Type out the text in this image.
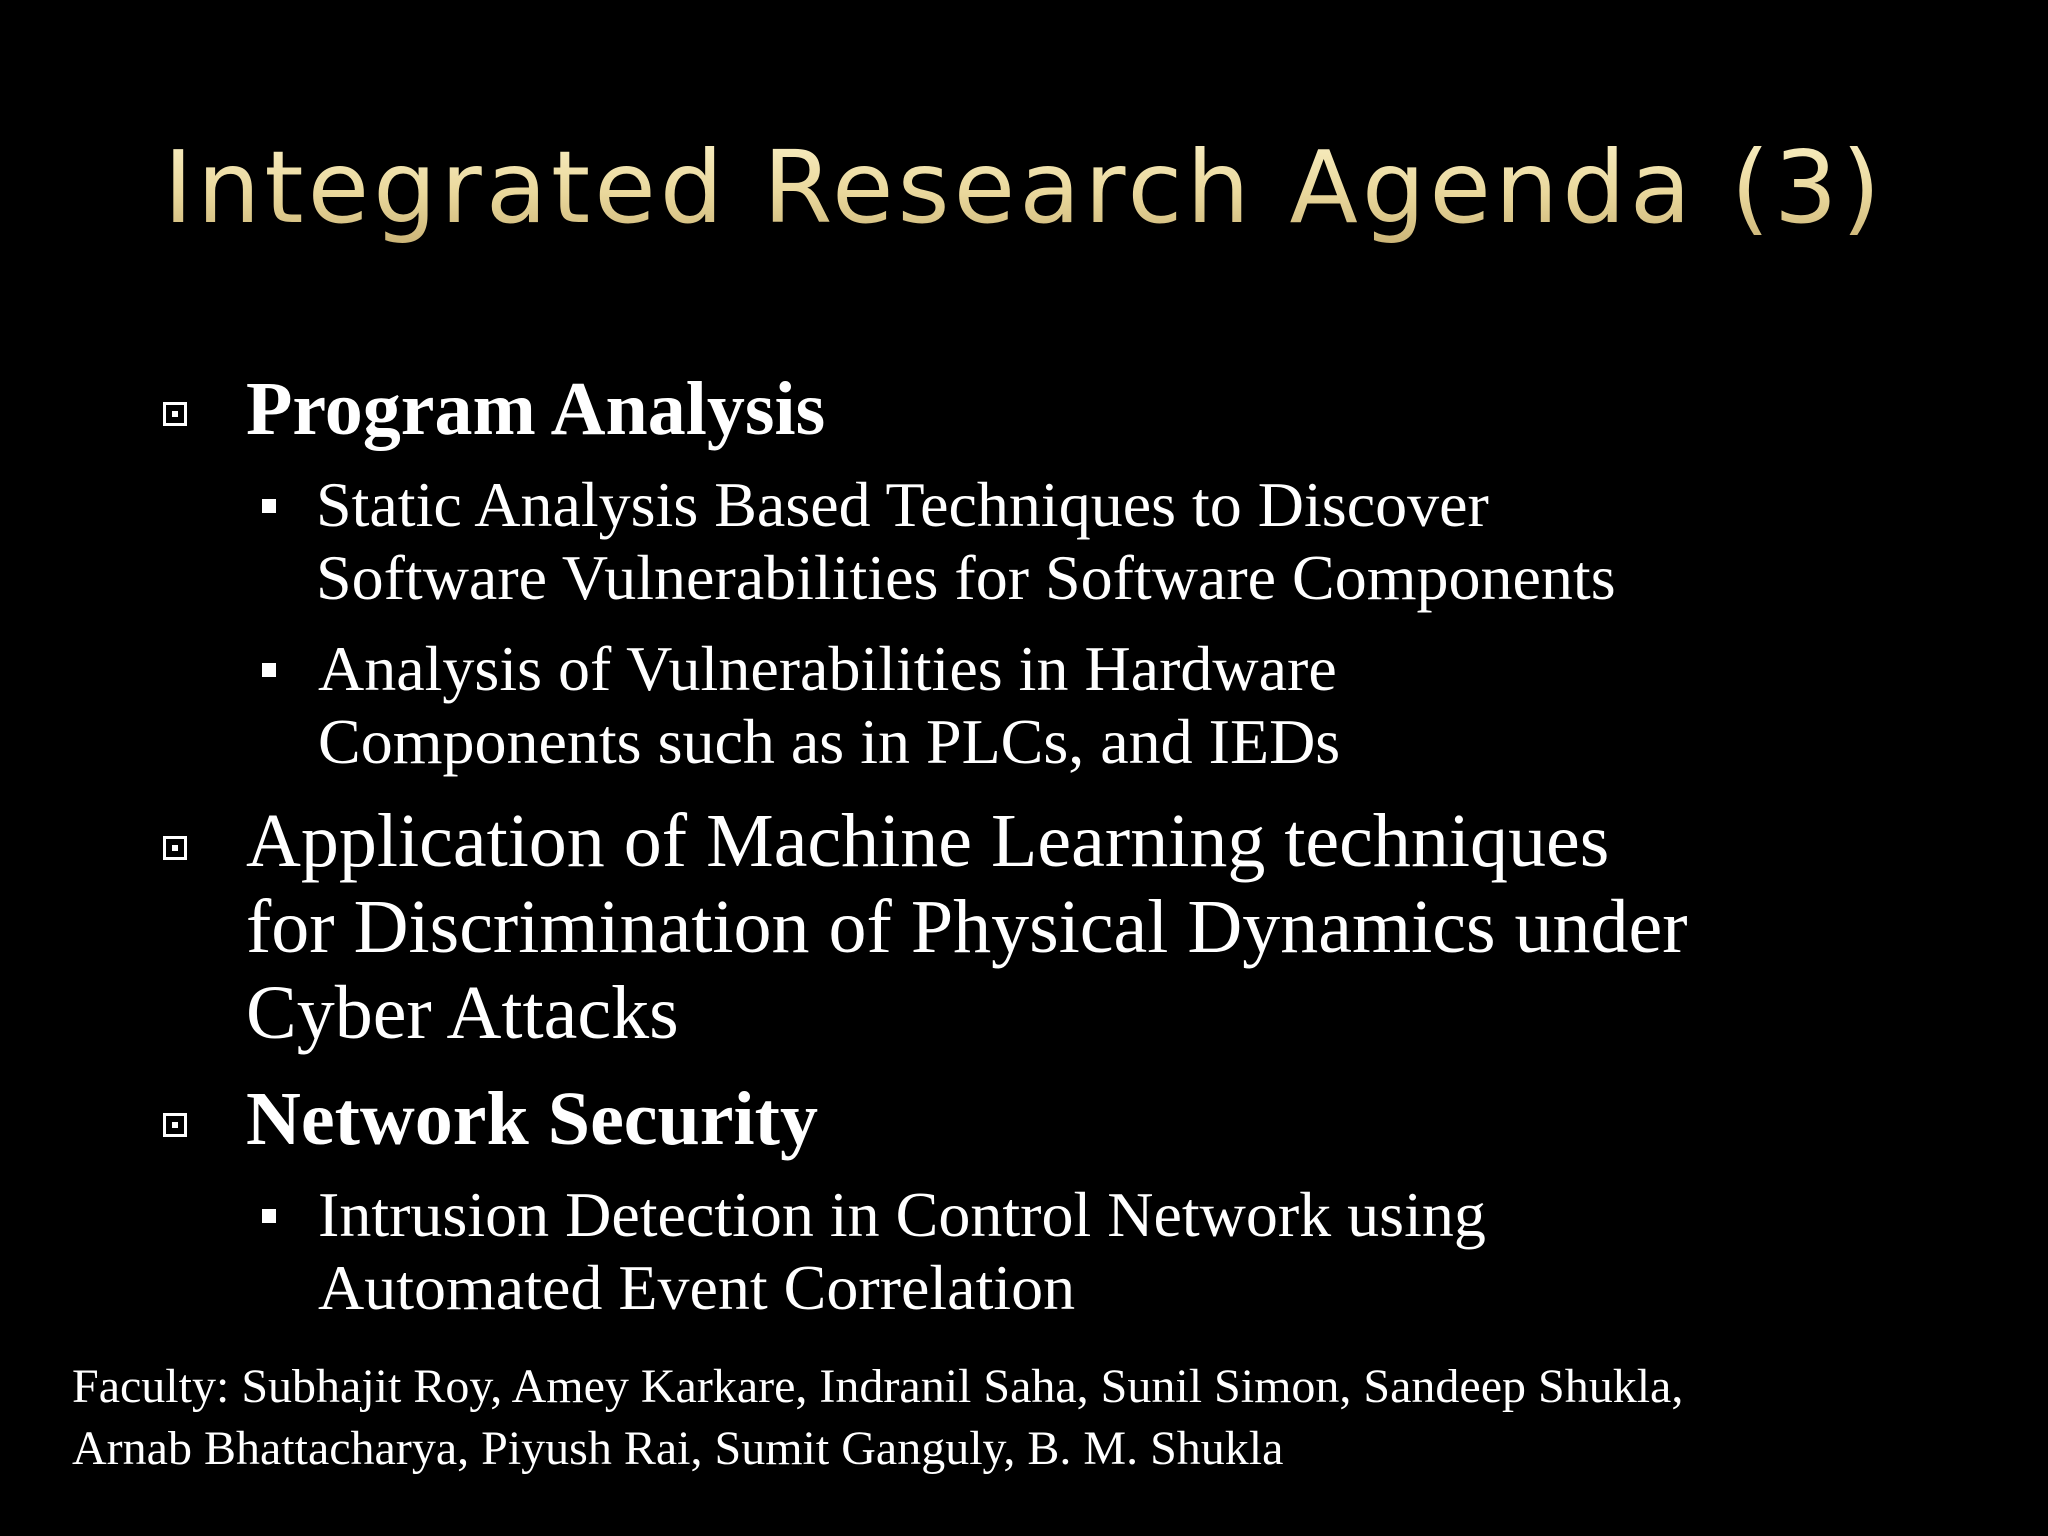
Integrated Research Agenda (3)
Program Analysis
Static Analysis Based Techniques to Discover
Software Vulnerabilities for Software Components
Analysis of Vulnerabilities in Hardware
Components such as in PLCs, and IEDs
Application of Machine Learning techniques
for Discrimination of Physical Dynamics under
Cyber Attacks
Network Security
Intrusion Detection in Control Network using
Automated Event Correlation
Faculty: Subhajit Roy, Amey Karkare, Indranil Saha, Sunil Simon, Sandeep Shukla,
Arnab Bhattacharya, Piyush Rai, Sumit Ganguly, B. M. Shukla
